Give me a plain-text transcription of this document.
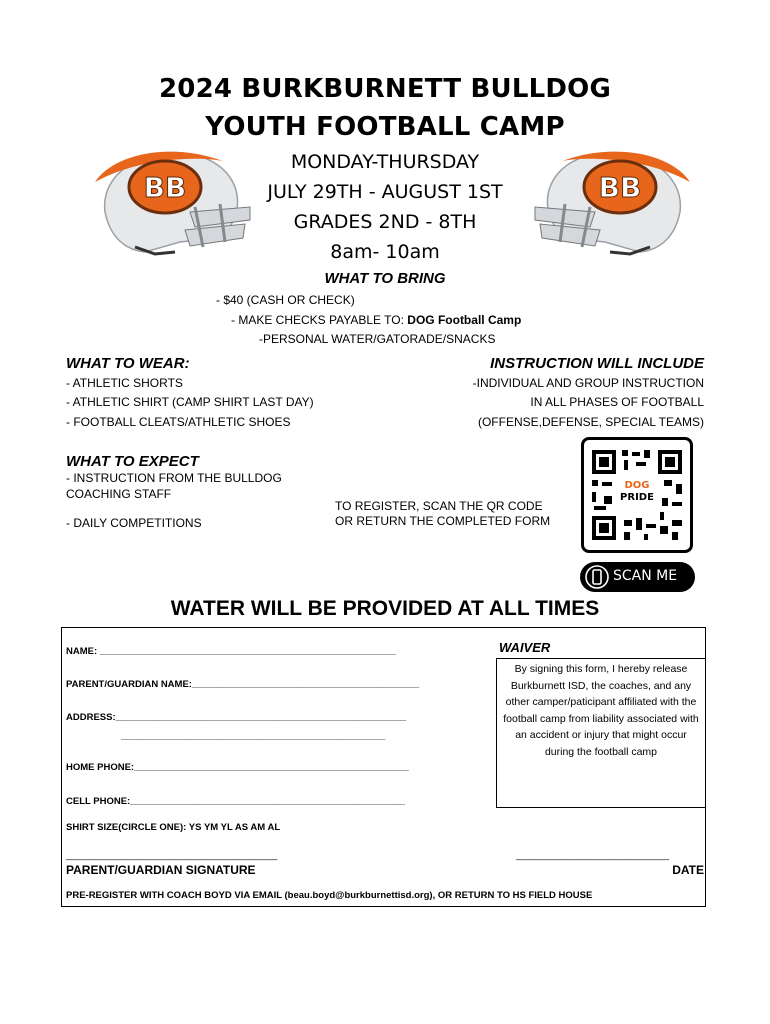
2024 BURKBURNETT BULLDOG
YOUTH FOOTBALL CAMP
MONDAY-THURSDAY
JULY 29TH - AUGUST 1ST
GRADES 2ND - 8TH
8am- 10am
BB	BB
WHAT TO BRING
- $40 (CASH OR CHECK)
- MAKE CHECKS PAYABLE TO: DOG Football Camp
-PERSONAL WATER/GATORADE/SNACKS
WHAT TO WEAR:
- ATHLETIC SHORTS
- ATHLETIC SHIRT (CAMP SHIRT LAST DAY)
- FOOTBALL CLEATS/ATHLETIC SHOES
INSTRUCTION WILL INCLUDE
-INDIVIDUAL AND GROUP INSTRUCTION
IN ALL PHASES OF FOOTBALL
(OFFENSE,DEFENSE, SPECIAL TEAMS)
WHAT TO EXPECT
- INSTRUCTION FROM THE BULLDOG
COACHING STAFF
- DAILY COMPETITIONS
TO REGISTER, SCAN THE QR CODE
OR RETURN THE COMPLETED FORM
DOG
PRIDE
SCAN ME
WATER WILL BE PROVIDED AT ALL TIMES
NAME: ________________________________________________________
PARENT/GUARDIAN NAME:___________________________________________
ADDRESS:_______________________________________________________
__________________________________________________
HOME PHONE:____________________________________________________
CELL PHONE:____________________________________________________
SHIRT SIZE(CIRCLE ONE): YS YM YL AS AM AL
________________________________________	_____________________________
PARENT/GUARDIAN SIGNATURE	DATE
PRE-REGISTER WITH COACH BOYD VIA EMAIL (beau.boyd@burkburnettisd.org), OR RETURN TO HS FIELD HOUSE
WAIVER
By signing this form, I hereby release Burkburnett ISD, the coaches, and any other camper/paticipant affiliated with the football camp from liability associated with an accident or injury that might occur during the football camp
